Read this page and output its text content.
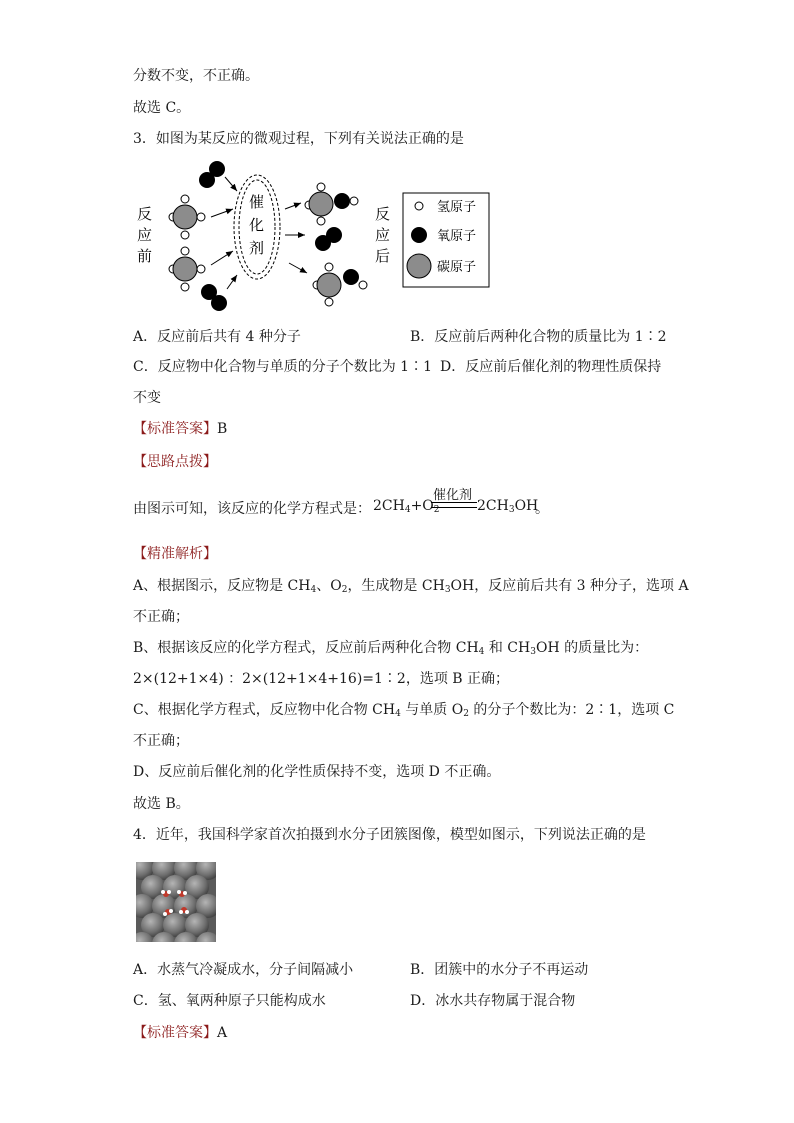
分数不变，不正确。
故选 C。
3．如图为某反应的微观过程，下列有关说法正确的是
反
应
前
催
化
剂
反
应
后
氢原子
氧原子
碳原子
A．反应前后共有 4 种分子	B．反应前后两种化合物的质量比为 1∶2
C．反应物中化合物与单质的分子个数比为 1∶1 D．反应前后催化剂的物理性质保持
不变
【标准答案】B
【思路点拨】
由图示可知，该反应的化学方程式是： $2CH_4+O_2$
催化剂
$2CH_3OH$
。
【精准解析】
A、根据图示，反应物是 $CH_4$、$O_2$，生成物是 $CH_3OH$，反应前后共有 3 种分子，选项 A
不正确；
B、根据该反应的化学方程式，反应前后两种化合物 $CH_4$ 和 $CH_3OH$ 的质量比为：
2×(12+1×4) ：2×(12+1×4+16)=1∶2，选项 B 正确；
C、根据化学方程式，反应物中化合物 $CH_4$ 与单质 $O_2$ 的分子个数比为：2∶1，选项 C
不正确；
D、反应前后催化剂的化学性质保持不变，选项 D 不正确。
故选 B。
4．近年，我国科学家首次拍摄到水分子团簇图像，模型如图示，下列说法正确的是
A．水蒸气冷凝成水，分子间隔减小	B．团簇中的水分子不再运动
C．氢、氧两种原子只能构成水	D．冰水共存物属于混合物
【标准答案】A
